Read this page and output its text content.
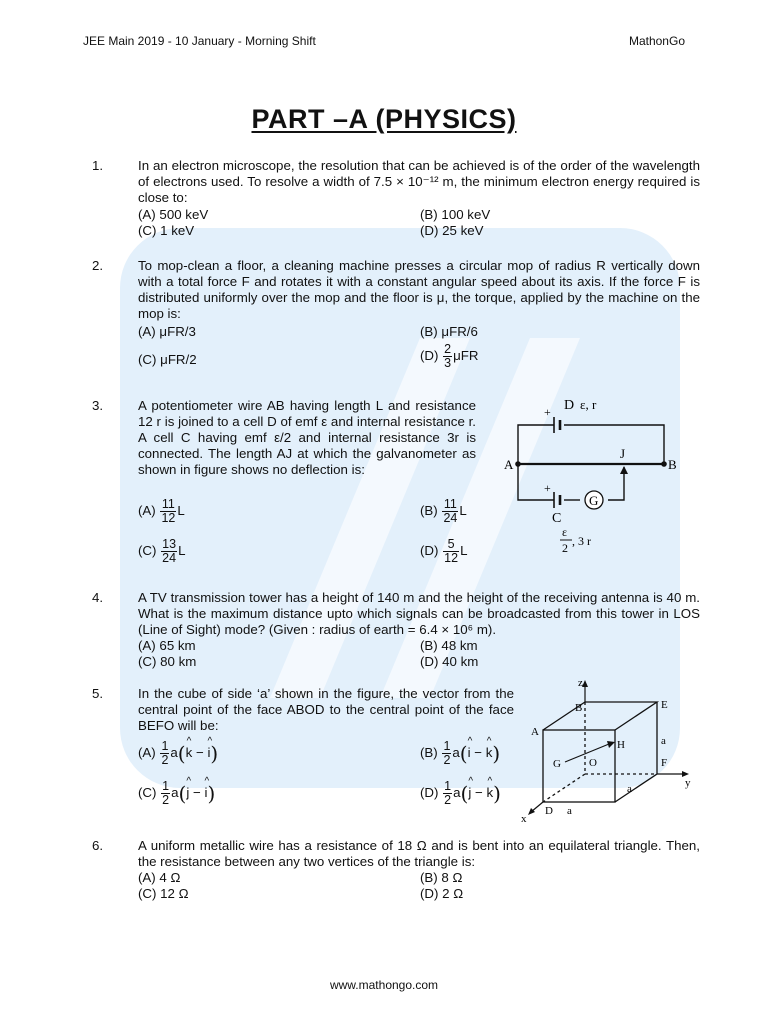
JEE Main 2019 - 10 January - Morning Shift	MathonGo
PART –A (PHYSICS)
1.	In an electron microscope, the resolution that can be achieved is of the order of the wavelength of electrons used. To resolve a width of 7.5 × 10⁻¹² m, the minimum electron energy required is close to:
(A) 500 keV	(B) 100 keV
(C) 1 keV	(D) 25 keV
2.	To mop-clean a floor, a cleaning machine presses a circular mop of radius R vertically down with a total force F and rotates it with a constant angular speed about its axis. If the force F is distributed uniformly over the mop and the floor is μ, the torque, applied by the machine on the mop is:
(A) μFR/3	(B) μFR/6
(C) μFR/2	$(D) \frac{2}{3}$ μFR
3.	A potentiometer wire AB having length L and resistance 12 r is joined to a cell D of emf ε and internal resistance r. A cell C having emf ε/2 and internal resistance 3r is connected. The length AJ at which the galvanometer as shown in figure shows no deflection is:
$(A) \frac{11}{12}$ L	$(B) \frac{11}{24}$ L
$(C) \frac{13}{24}$ L	$(D) \frac{5}{12}$ L
+ D ε, r
A	B
J
+
G
C
ε
2 , 3 r
4.	A TV transmission tower has a height of 140 m and the height of the receiving antenna is 40 m. What is the maximum distance upto which signals can be broadcasted from this tower in LOS (Line of Sight) mode? (Given : radius of earth = 6.4 × 10⁶ m).
(A) 65 km	(B) 48 km
(C) 80 km	(D) 40 km
5.	In the cube of side ‘a’ shown in the figure, the vector from the central point of the face ABOD to the central point of the face BEFO will be:
$(A) \frac{1}{2}$ a(^ k − ^ i)	$(B) \frac{1}{2}$ a(^ i − ^ k)
$(C) \frac{1}{2}$ a(^ j − ^ i)	$(D) \frac{1}{2}$ a(^ j − ^ k)
z
B	E
A
G
H
O	F
a
y
a
D a
x
6.	A uniform metallic wire has a resistance of 18 Ω and is bent into an equilateral triangle. Then, the resistance between any two vertices of the triangle is:
(A) 4 Ω	(B) 8 Ω
(C) 12 Ω	(D) 2 Ω
www.mathongo.com
